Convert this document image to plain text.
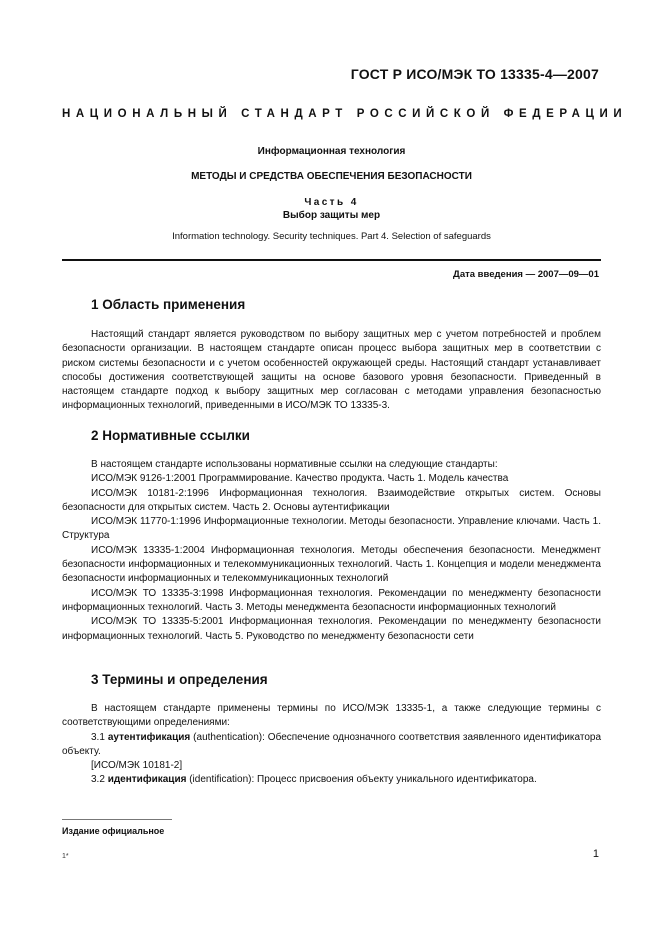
ГОСТ Р ИСО/МЭК ТО 13335-4—2007

НАЦИОНАЛЬНЫЙ СТАНДАРТ РОССИЙСКОЙ ФЕДЕРАЦИИ

Информационная технология

МЕТОДЫ И СРЕДСТВА ОБЕСПЕЧЕНИЯ БЕЗОПАСНОСТИ

Часть 4

Выбор защиты мер

Information technology. Security techniques. Part 4. Selection of safeguards

Дата введения — 2007—09—01

1 Область применения

Настоящий стандарт является руководством по выбору защитных мер с учетом потребностей и проблем безопасности организации. В настоящем стандарте описан процесс выбора защитных мер в соответствии с риском системы безопасности и с учетом особенностей окружающей среды. Настоящий стандарт устанавливает способы достижения соответствующей защиты на основе базового уровня безопасности. Приведенный в настоящем стандарте подход к выбору защитных мер согласован с методами управления безопасностью информационных технологий, приведенными в ИСО/МЭК ТО 13335-3.

2 Нормативные ссылки

В настоящем стандарте использованы нормативные ссылки на следующие стандарты:

ИСО/МЭК 9126-1:2001 Программирование. Качество продукта. Часть 1. Модель качества

ИСО/МЭК 10181-2:1996 Информационная технология. Взаимодействие открытых систем. Основы безопасности для открытых систем. Часть 2. Основы аутентификации

ИСО/МЭК 11770-1:1996 Информационные технологии. Методы безопасности. Управление ключами. Часть 1. Структура

ИСО/МЭК 13335-1:2004 Информационная технология. Методы обеспечения безопасности. Менеджмент безопасности информационных и телекоммуникационных технологий. Часть 1. Концепция и модели менеджмента безопасности информационных и телекоммуникационных технологий

ИСО/МЭК ТО 13335-3:1998 Информационная технология. Рекомендации по менеджменту безопасности информационных технологий. Часть 3. Методы менеджмента безопасности информационных технологий

ИСО/МЭК ТО 13335-5:2001 Информационная технология. Рекомендации по менеджменту безопасности информационных технологий. Часть 5. Руководство по менеджменту безопасности сети

3 Термины и определения

В настоящем стандарте применены термины по ИСО/МЭК 13335-1, а также следующие термины с соответствующими определениями:

3.1 аутентификация (authentication): Обеспечение однозначного соответствия заявленного идентификатора объекту.

[ИСО/МЭК 10181-2]

3.2 идентификация (identification): Процесс присвоения объекту уникального идентификатора.

Издание официальное

1*	1
